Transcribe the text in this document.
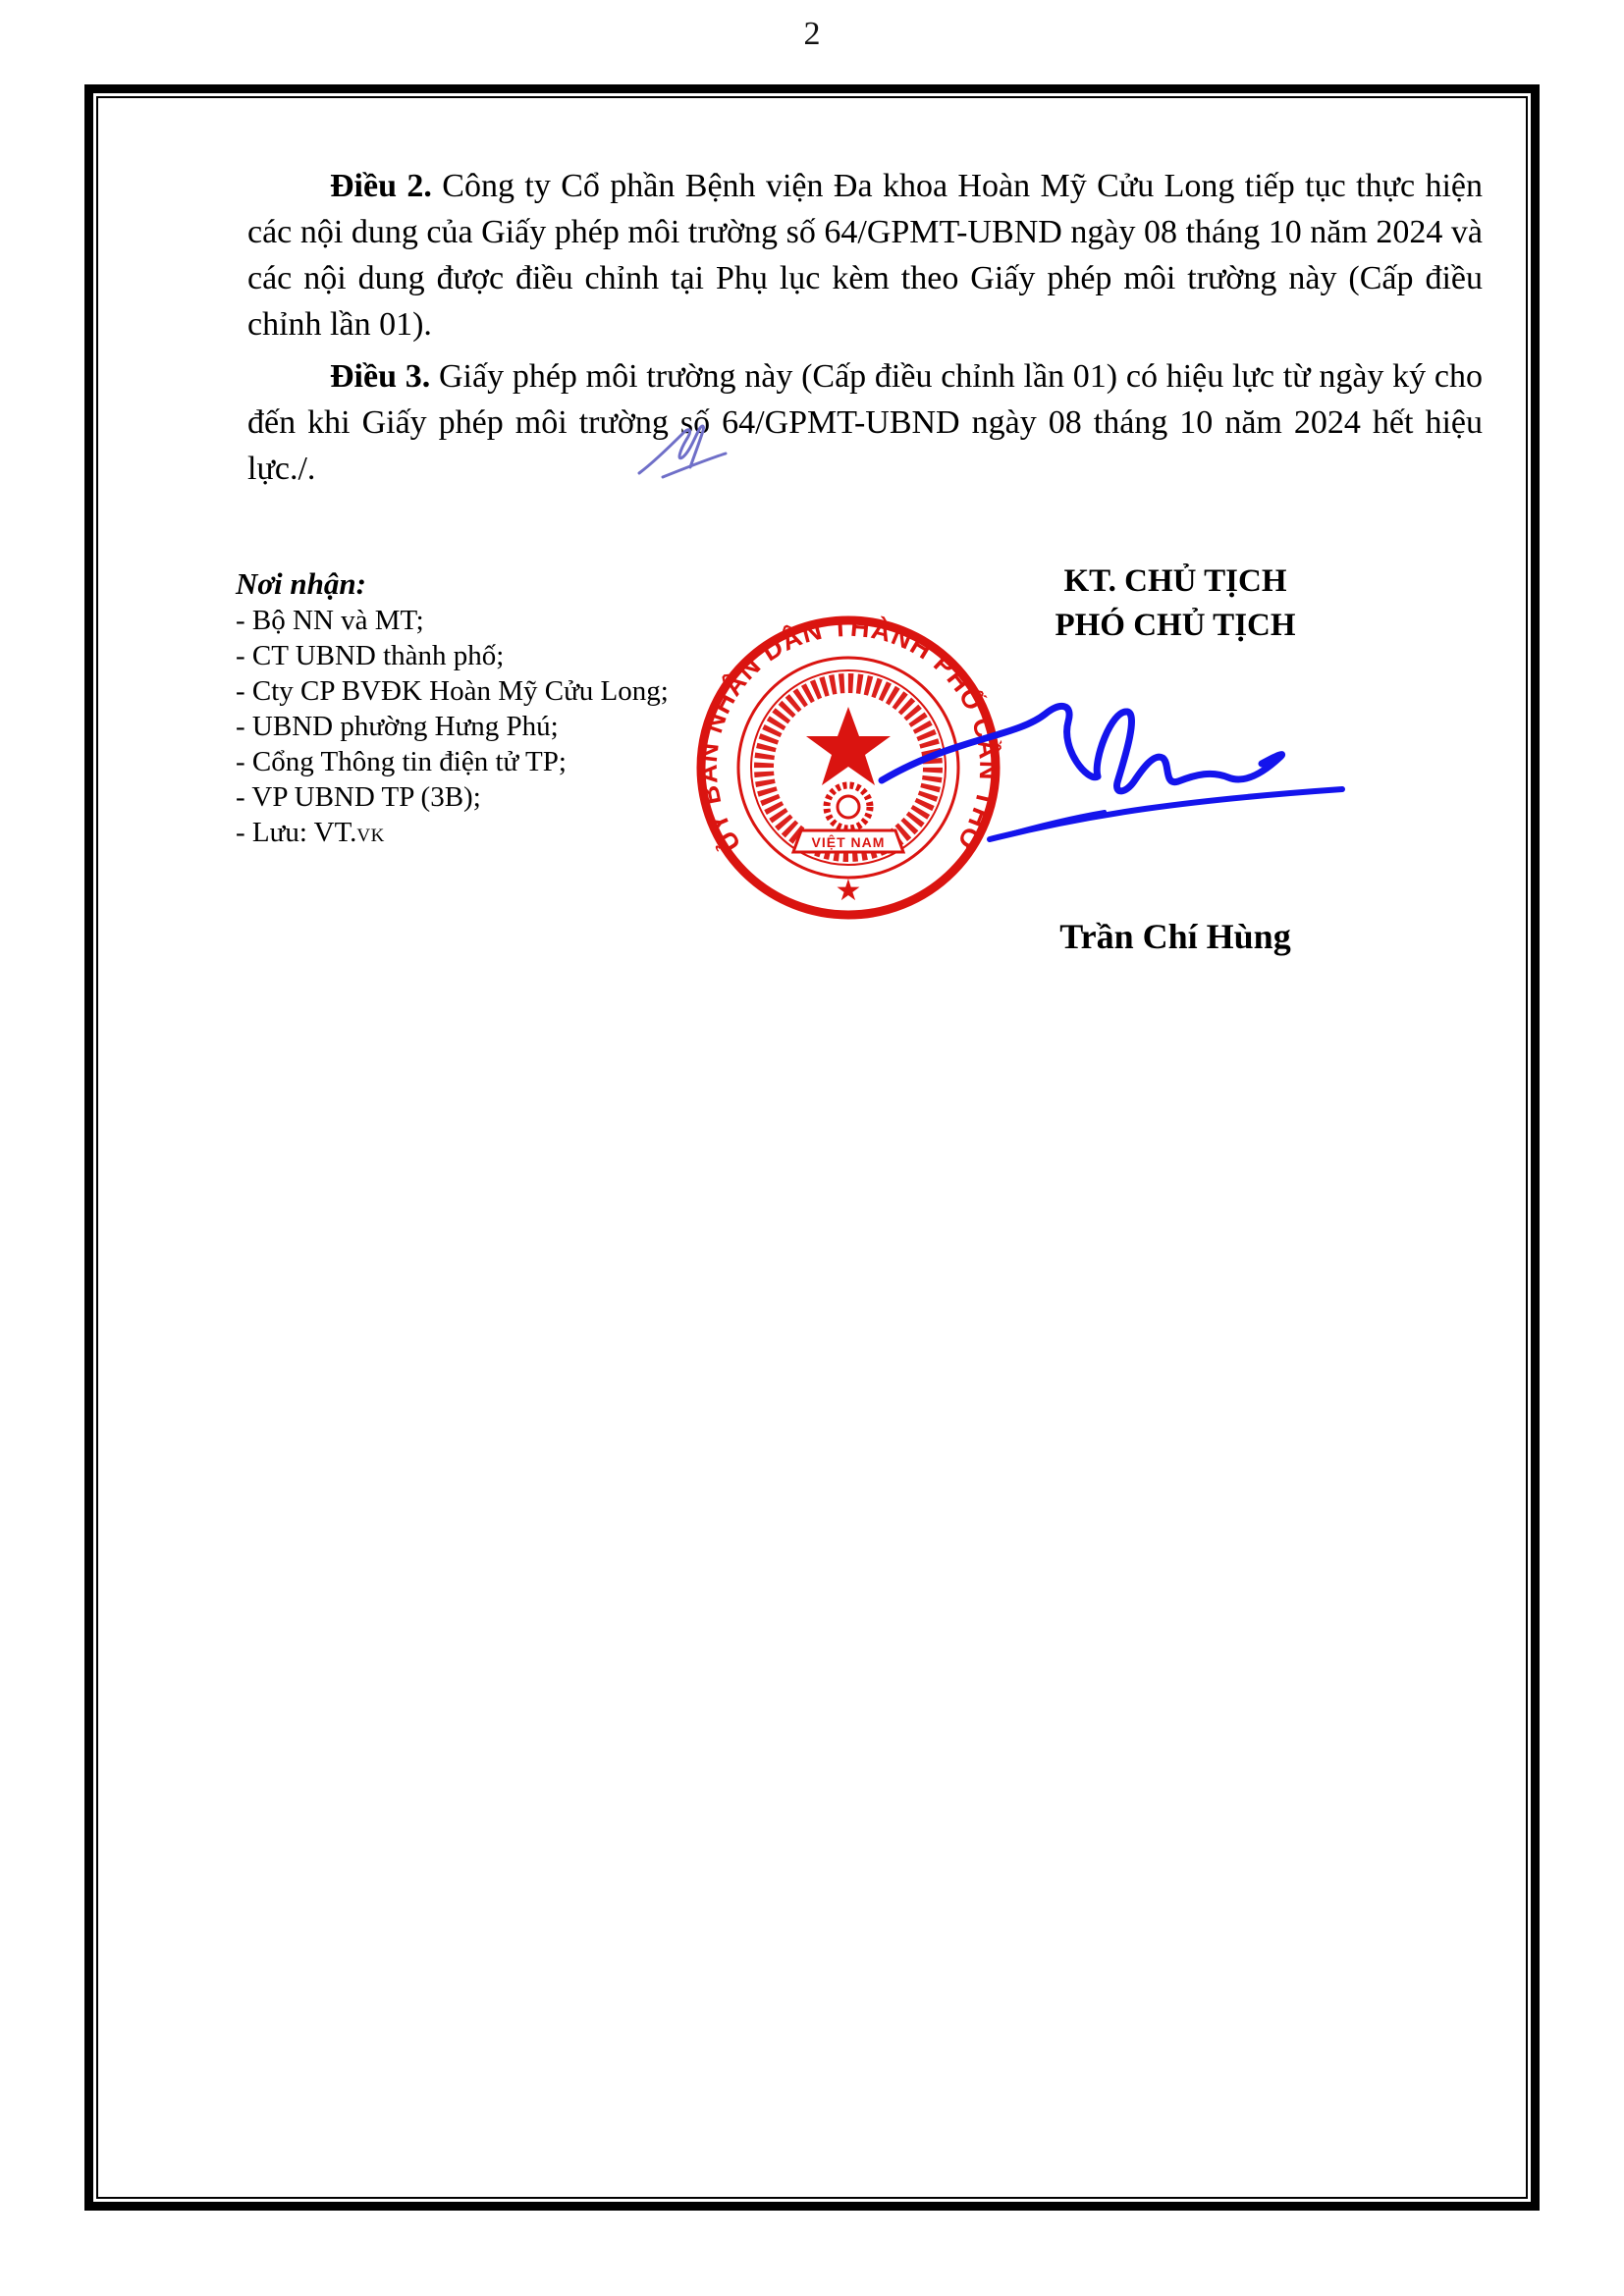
2

Điều 2. Công ty Cổ phần Bệnh viện Đa khoa Hoàn Mỹ Cửu Long tiếp tục thực hiện các nội dung của Giấy phép môi trường số 64/GPMT-UBND ngày 08 tháng 10 năm 2024 và các nội dung được điều chỉnh tại Phụ lục kèm theo Giấy phép môi trường này (Cấp điều chỉnh lần 01).

Điều 3. Giấy phép môi trường này (Cấp điều chỉnh lần 01) có hiệu lực từ ngày ký cho đến khi Giấy phép môi trường số 64/GPMT-UBND ngày 08 tháng 10 năm 2024 hết hiệu lực./.

Nơi nhận:
- Bộ NN và MT;
- CT UBND thành phố;
- Cty CP BVĐK Hoàn Mỹ Cửu Long;
- UBND phường Hưng Phú;
- Cổng Thông tin điện tử TP;
- VP UBND TP (3B);
- Lưu: VT.VK
KT. CHỦ TỊCH
PHÓ CHỦ TỊCH
VIỆT NAM
ỦY BAN NHÂN DÂN THÀNH PHỐ CẦN THƠ
★
Trần Chí Hùng
